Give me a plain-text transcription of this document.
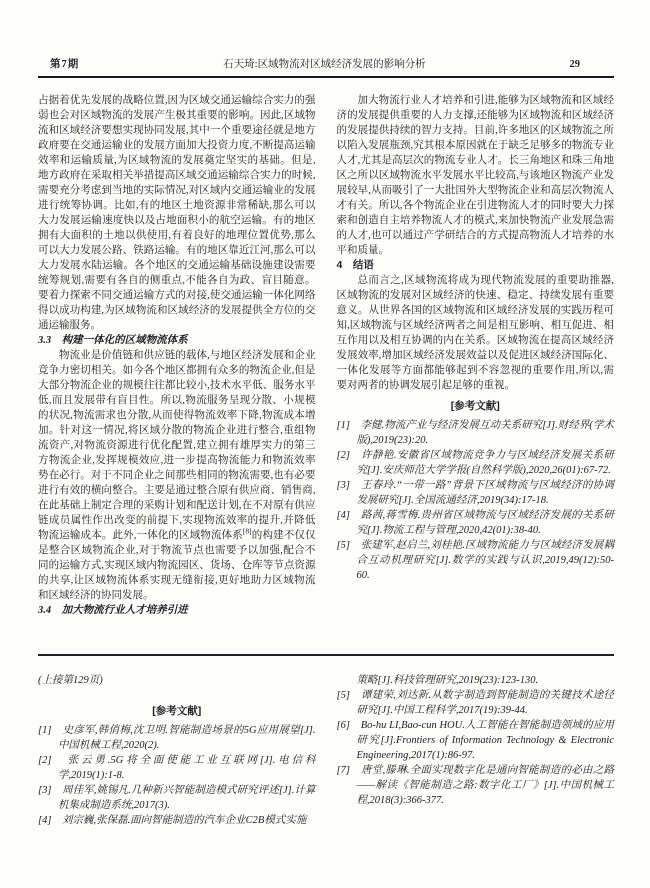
第7期	石天琦:区域物流对区域经济发展的影响分析	29

占据着优先发展的战略位置,因为区域交通运输综合实力的强弱也会对区域物流的发展产生极其重要的影响。因此,区域物流和区域经济要想实现协同发展,其中一个重要途径就是地方政府要在交通运输业的发展方面加大投资力度,不断提高运输效率和运输质量,为区域物流的发展奠定坚实的基础。但是,地方政府在采取相关举措提高区域交通运输综合实力的时候,需要充分考虑到当地的实际情况,对区域内交通运输业的发展进行统筹协调。比如,有的地区土地资源非常稀缺,那么可以大力发展运输速度快以及占地面积小的航空运输。有的地区拥有大面积的土地以供使用,有着良好的地理位置优势,那么可以大力发展公路、铁路运输。有的地区靠近江河,那么可以大力发展水陆运输。各个地区的交通运输基础设施建设需要统筹规划,需要有各自的侧重点,不能各自为政、盲目随意。要着力探索不同交通运输方式的对接,使交通运输一体化网络得以成功构建,为区域物流和区域经济的发展提供全方位的交通运输服务。

3.3　构建一体化的区域物流体系

物流业是价值链和供应链的载体,与地区经济发展和企业竞争力密切相关。如今各个地区都拥有众多的物流企业,但是大部分物流企业的规模往往都比较小,技术水平低、服务水平低,而且发展带有盲目性。所以,物流服务呈现分散、小规模的状况,物流需求也分散,从而使得物流效率下降,物流成本增加。针对这一情况,将区域分散的物流企业进行整合,重组物流资产,对物流资源进行优化配置,建立拥有雄厚实力的第三方物流企业,发挥规模效应,进一步提高物流能力和物流效率势在必行。对于不同企业之间那些相同的物流需要,也有必要进行有效的横向整合。主要是通过整合原有供应商、销售商,在此基础上制定合理的采购计划和配送计划,在不对原有供应链成员属性作出改变的前提下,实现物流效率的提升,并降低物流运输成本。此外,一体化的区域物流体系[8]的构建不仅仅是整合区域物流企业,对于物流节点也需要予以加强,配合不同的运输方式,实现区域内物流园区、货场、仓库等节点资源的共享,让区域物流体系实现无缝衔接,更好地助力区域物流和区域经济的协同发展。

3.4　加大物流行业人才培养引进

加大物流行业人才培养和引进,能够为区域物流和区域经济的发展提供重要的人力支撑,还能够为区域物流和区域经济的发展提供持续的智力支持。目前,许多地区的区域物流之所以陷入发展瓶颈,究其根本原因就在于缺乏足够多的物流专业人才,尤其是高层次的物流专业人才。长三角地区和珠三角地区之所以区域物流水平发展水平比较高,与该地区物流产业发展较早,从而吸引了一大批国外大型物流企业和高层次物流人才有关。所以,各个物流企业在引进物流人才的同时要大力探索和创造自主培养物流人才的模式,来加快物流产业发展急需的人才,也可以通过产学研结合的方式提高物流人才培养的水平和质量。

4　结语

总而言之,区域物流将成为现代物流发展的重要助推器,区域物流的发展对区域经济的快速、稳定、持续发展有重要意义。从世界各国的区域物流和区域经济发展的实践历程可知,区域物流与区域经济两者之间是相互影响、相互促进、相互作用以及相互协调的内在关系。区域物流在提高区域经济发展效率,增加区域经济发展效益以及促进区域经济国际化、一体化发展等方面都能够起到不容忽视的重要作用,所以,需要对两者的协调发展引起足够的重视。

[参考文献]

[1]　李健.物流产业与经济发展互动关系研究[J].财经界(学术版),2019(23):20.

[2]　许静艳.安徽省区域物流竞争力与区域经济发展关系研究[J].安庆师范大学学报(自然科学版),2020,26(01):67-72.

[3]　王春玲.“一带一路”背景下区域物流与区域经济的协调发展研究[J].全国流通经济,2019(34):17-18.

[4]　路茜,蒋雪梅.贵州省区域物流与区域经济发展的关系研究[J].物流工程与管理,2020,42(01):38-40.

[5]　张建军,赵启兰,刘桂艳.区域物流能力与区域经济发展耦合互动机理研究[J].数学的实践与认识,2019,49(12):50-60.

(上接第129页)

[参考文献]

[1]　史彦军,韩俏梅,沈卫明.智能制造场景的5G应用展望[J].中国机械工程,2020(2).

[2]　张云勇.5G将全面使能工业互联网[J].电信科学,2019(1):1-8.

[3]　周佳军,姚锡凡.几种新兴智能制造模式研究评述[J].计算机集成制造系统,2017(3).

[4]　刘宗巍,张保磊.面向智能制造的汽车企业C2B模式实施

策略[J].科技管理研究,2019(23):123-130.

[5]　谭建荣,刘达新.从数字制造到智能制造的关键技术途径研究[J].中国工程科学,2017(19):39-44.

[6]　Bo-hu LI,Bao-cun HOU.人工智能在智能制造领域的应用研究[J].Frontiers of Information Technology & Electronic Engineering,2017(1):86-97.

[7]　唐堂,滕琳.全面实现数字化是通向智能制造的必由之路——解读《智能制造之路:数字化工厂》[J].中国机械工程,2018(3):366-377.
